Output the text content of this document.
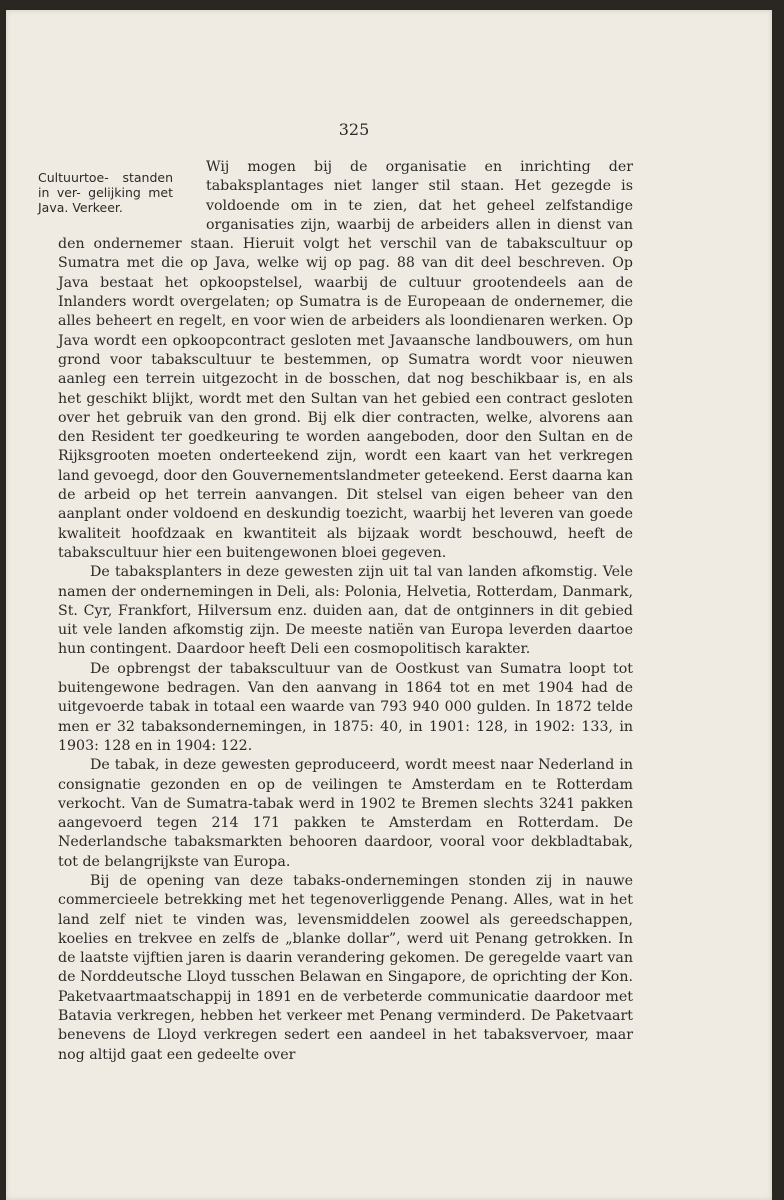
325
Cultuurtoe- standen in ver- gelijking met Java. Verkeer.

Wij mogen bij de organisatie en inrichting der tabaksplantages niet langer stil staan. Het gezegde is voldoende om in te zien, dat het geheel zelfstandige organisaties zijn, waarbij de arbeiders allen in dienst van den ondernemer staan. Hieruit volgt het verschil van de tabakscultuur op Sumatra met die op Java, welke wij op pag. 88 van dit deel beschreven. Op Java bestaat het opkoopstelsel, waarbij de cultuur grootendeels aan de Inlanders wordt overgelaten; op Sumatra is de Europeaan de ondernemer, die alles beheert en regelt, en voor wien de arbeiders als loondienaren werken. Op Java wordt een opkoopcontract gesloten met Javaansche landbouwers, om hun grond voor tabakscultuur te bestemmen, op Sumatra wordt voor nieuwen aanleg een terrein uitgezocht in de bosschen, dat nog beschikbaar is, en als het geschikt blijkt, wordt met den Sultan van het gebied een contract gesloten over het gebruik van den grond. Bij elk dier contracten, welke, alvorens aan den Resident ter goedkeuring te worden aangeboden, door den Sultan en de Rijksgrooten moeten onderteekend zijn, wordt een kaart van het verkregen land gevoegd, door den Gouvernementslandmeter geteekend. Eerst daarna kan de arbeid op het terrein aanvangen. Dit stelsel van eigen beheer van den aanplant onder voldoend en deskundig toezicht, waarbij het leveren van goede kwaliteit hoofdzaak en kwantiteit als bijzaak wordt beschouwd, heeft de tabakscultuur hier een buitengewonen bloei gegeven.

De tabaksplanters in deze gewesten zijn uit tal van landen afkomstig. Vele namen der ondernemingen in Deli, als: Polonia, Helvetia, Rotterdam, Danmark, St. Cyr, Frankfort, Hilversum enz. duiden aan, dat de ontginners in dit gebied uit vele landen afkomstig zijn. De meeste natiën van Europa leverden daartoe hun contingent. Daardoor heeft Deli een cosmopolitisch karakter.

De opbrengst der tabakscultuur van de Oostkust van Sumatra loopt tot buitengewone bedragen. Van den aanvang in 1864 tot en met 1904 had de uitgevoerde tabak in totaal een waarde van 793 940 000 gulden. In 1872 telde men er 32 tabaksondernemingen, in 1875: 40, in 1901: 128, in 1902: 133, in 1903: 128 en in 1904: 122.

De tabak, in deze gewesten geproduceerd, wordt meest naar Nederland in consignatie gezonden en op de veilingen te Amsterdam en te Rotterdam verkocht. Van de Sumatra-tabak werd in 1902 te Bremen slechts 3241 pakken aangevoerd tegen 214 171 pakken te Amsterdam en Rotterdam. De Nederlandsche tabaksmarkten behooren daardoor, vooral voor dekbladtabak, tot de belangrijkste van Europa.

Bij de opening van deze tabaks-ondernemingen stonden zij in nauwe commercieele betrekking met het tegenoverliggende Penang. Alles, wat in het land zelf niet te vinden was, levensmiddelen zoowel als gereedschappen, koelies en trekvee en zelfs de „blanke dollar”, werd uit Penang getrokken. In de laatste vijftien jaren is daarin verandering gekomen. De geregelde vaart van de Norddeutsche Lloyd tusschen Belawan en Singapore, de oprichting der Kon. Paketvaartmaatschappij in 1891 en de verbeterde communicatie daardoor met Batavia verkregen, hebben het verkeer met Penang verminderd. De Paketvaart benevens de Lloyd verkregen sedert een aandeel in het tabaksvervoer, maar nog altijd gaat een gedeelte over
